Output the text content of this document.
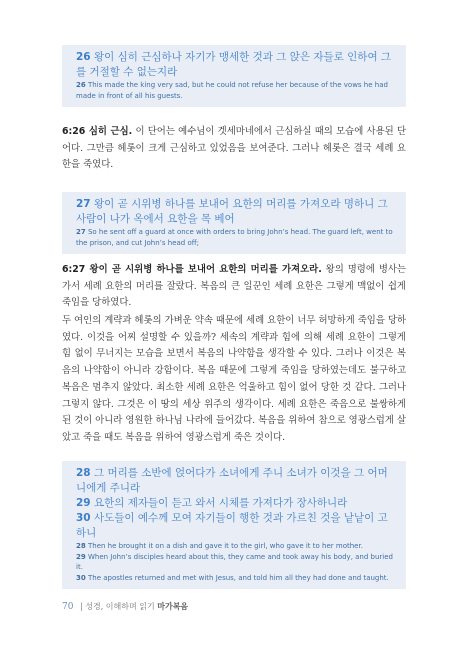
26 왕이 심히 근심하나 자기가 맹세한 것과 그 앉은 자들로 인하여 그를 거절할 수 없는지라
26 This made the king very sad, but he could not refuse her because of the vows he had made in front of all his guests.

6:26 심히 근심. 이 단어는 예수님이 겟세마네에서 근심하실 때의 모습에 사용된 단어다. 그만큼 헤롯이 크게 근심하고 있었음을 보여준다. 그러나 헤롯은 결국 세례 요한을 죽였다.

27 왕이 곧 시위병 하나를 보내어 요한의 머리를 가져오라 명하니 그 사람이 나가 옥에서 요한을 목 베어
27 So he sent off a guard at once with orders to bring John’s head. The guard left, went to the prison, and cut John’s head off;

6:27 왕이 곧 시위병 하나를 보내어 요한의 머리를 가져오라. 왕의 명령에 병사는 가서 세례 요한의 머리를 잘랐다. 복음의 큰 일꾼인 세례 요한은 그렇게 맥없이 쉽게 죽임을 당하였다.

두 여인의 계략과 헤롯의 가벼운 약속 때문에 세례 요한이 너무 허망하게 죽임을 당하였다. 이것을 어찌 설명할 수 있을까? 세속의 계략과 힘에 의해 세례 요한이 그렇게 힘 없이 무너지는 모습을 보면서 복음의 나약함을 생각할 수 있다. 그러나 이것은 복음의 나약함이 아니라 강함이다. 복음 때문에 그렇게 죽임을 당하였는데도 불구하고 복음은 멈추지 않았다. 최소한 세례 요한은 억울하고 힘이 없어 당한 것 같다. 그러나 그렇지 않다. 그것은 이 땅의 세상 위주의 생각이다. 세례 요한은 죽음으로 불쌍하게 된 것이 아니라 영원한 하나님 나라에 들어갔다. 복음을 위하여 참으로 영광스럽게 살았고 죽을 때도 복음을 위하여 영광스럽게 죽은 것이다.

28 그 머리를 소반에 얹어다가 소녀에게 주니 소녀가 이것을 그 어머니에게 주니라
29 요한의 제자들이 듣고 와서 시체를 가져다가 장사하니라
30 사도들이 예수께 모여 자기들이 행한 것과 가르친 것을 낱낱이 고하니
28 Then he brought it on a dish and gave it to the girl, who gave it to her mother.
29 When John’s disciples heard about this, they came and took away his body, and buried it.
30 The apostles returned and met with Jesus, and told him all they had done and taught.
70 | 성경, 이해하며 읽기 마가복음
